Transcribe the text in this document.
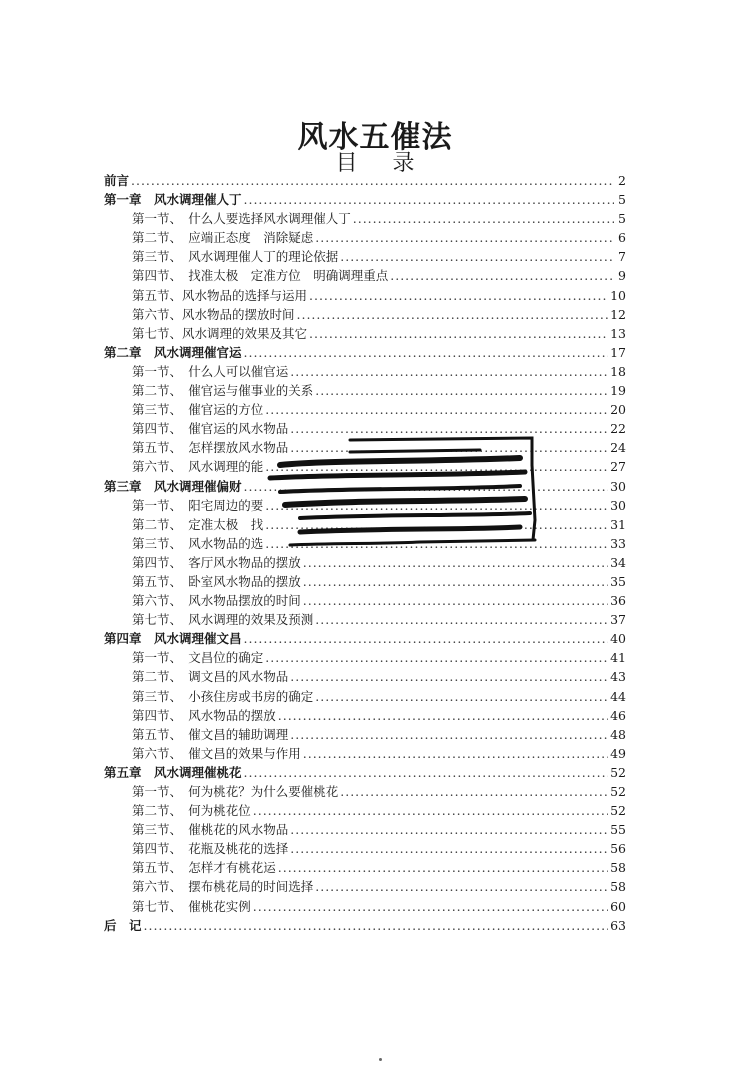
风水五催法
目 录
前言 .....	2
第一章　风水调理催人丁 .....	5
第一节、　什么人要选择风水调理催人丁 .....	5
第二节、　应端正态度　消除疑虑 .....	6
第三节、　风水调理催人丁的理论依据 .....	7
第四节、　找准太极　定准方位　明确调理重点 .....	9
第五节、风水物品的选择与运用 .....	10
第六节、风水物品的摆放时间 .....	12
第七节、风水调理的效果及其它 .....	13
第二章　风水调理催官运 .....	17
第一节、　什么人可以催官运 .....	18
第二节、　催官运与催事业的关系 .....	19
第三节、　催官运的方位 .....	20
第四节、　催官运的风水物品 .....	22
第五节、　怎样摆放风水物品 .....	24
第六节、　风水调理的能 .....	27
第三章　风水调理催偏财 .....	30
第一节、　阳宅周边的要 .....	30
第二节、　定准太极　找 .....	31
第三节、　风水物品的选 .....	33
第四节、　客厅风水物品的摆放 .....	34
第五节、　卧室风水物品的摆放 .....	35
第六节、　风水物品摆放的时间 .....	36
第七节、　风水调理的效果及预测 .....	37
第四章　风水调理催文昌 .....	40
第一节、　文昌位的确定 .....	41
第二节、　调文昌的风水物品 .....	43
第三节、　小孩住房或书房的确定 .....	44
第四节、　风水物品的摆放 .....	46
第五节、　催文昌的辅助调理 .....	48
第六节、　催文昌的效果与作用 .....	49
第五章　风水调理催桃花 .....	52
第一节、　何为桃花？为什么要催桃花 .....	52
第二节、　何为桃花位 .....	52
第三节、　催桃花的风水物品 .....	55
第四节、　花瓶及桃花的选择 .....	56
第五节、　怎样才有桃花运 .....	58
第六节、　摆布桃花局的时间选择 .....	58
第七节、　催桃花实例 .....	60
后　记 .....	63
